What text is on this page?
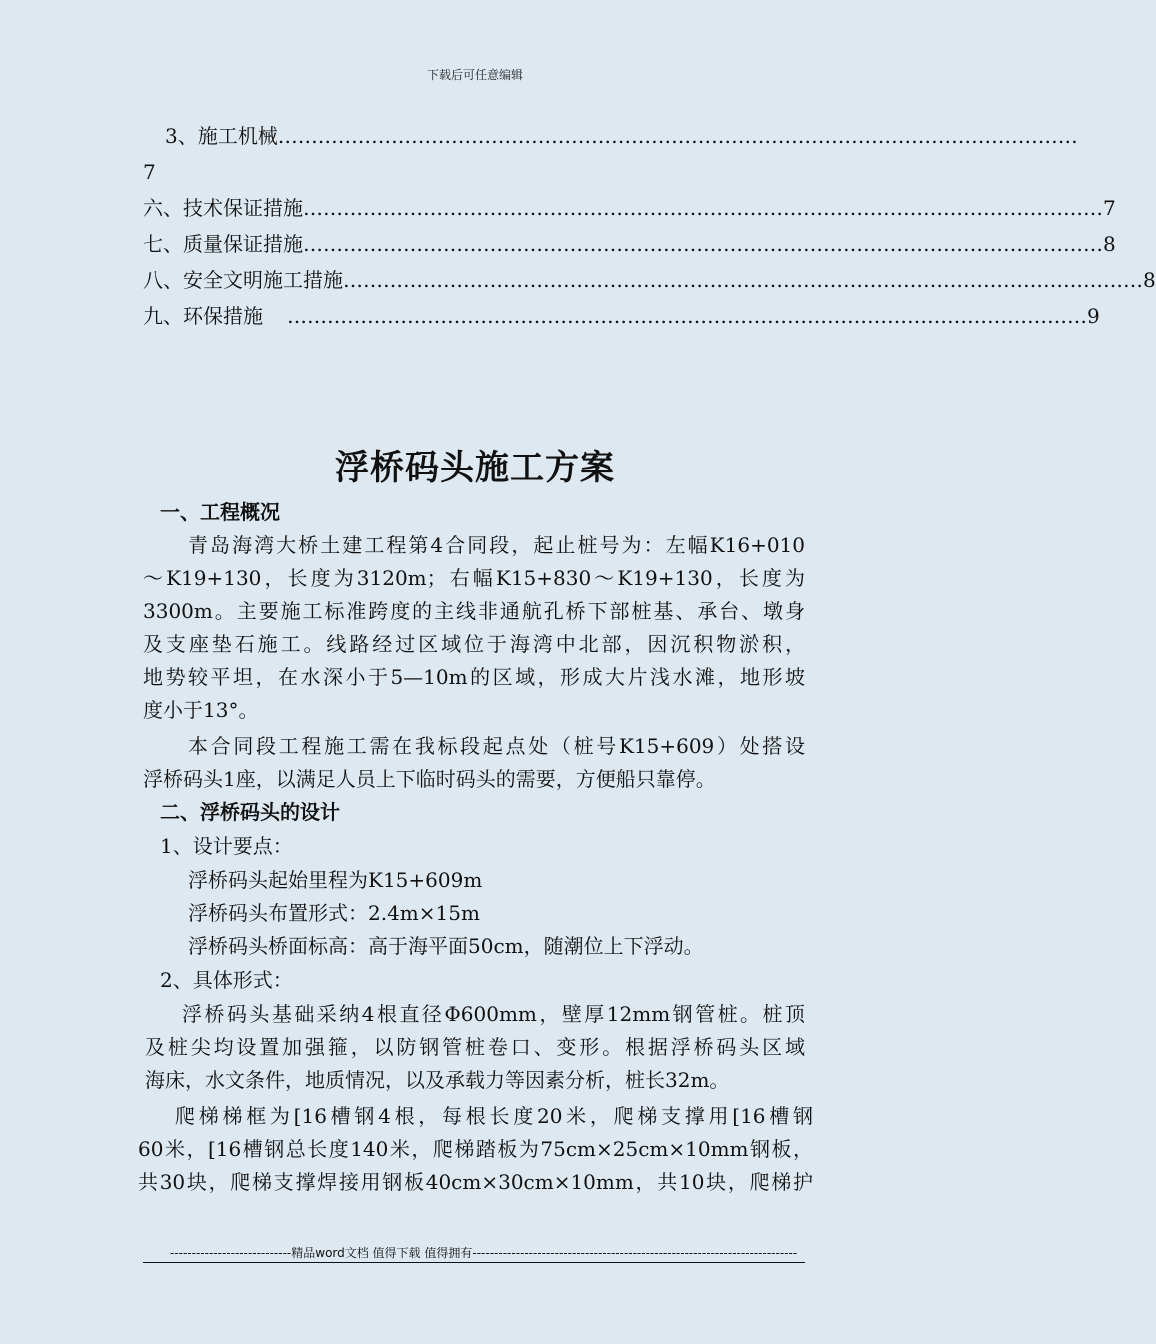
下载后可任意编辑
3、施工机械 …………………………………………………………………………………………………………
7
六、技术保证措施 ………………………………………………………………………………………………………… 7
七、质量保证措施 ………………………………………………………………………………………………………… 8
八、安全文明施工措施 ………………………………………………………………………………………………………… 8
九、环保措施	………………………………………………………………………………………………………… 9
浮桥码头施工方案
一、工程概况
青岛海湾大桥土建工程第4合同段，起止桩号为：左幅K16+010
～K19+130，长度为3120m；右幅K15+830～K19+130，长度为
3300m。主要施工标准跨度的主线非通航孔桥下部桩基、承台、墩身
及支座垫石施工。线路经过区域位于海湾中北部，因沉积物淤积，
地势较平坦，在水深小于5—10m的区域，形成大片浅水滩，地形坡
度小于13°。
本合同段工程施工需在我标段起点处（桩号K15+609）处搭设
浮桥码头1座，以满足人员上下临时码头的需要，方便船只靠停。
二、浮桥码头的设计
1、设计要点：
浮桥码头起始里程为K15+609m
浮桥码头布置形式：2.4m×15m
浮桥码头桥面标高：高于海平面50cm，随潮位上下浮动。
2、具体形式：
浮桥码头基础采纳4根直径Φ600mm，壁厚12mm钢管桩。桩顶
及桩尖均设置加强箍，以防钢管桩卷口、变形。根据浮桥码头区域
海床，水文条件，地质情况，以及承载力等因素分析，桩长32m。
爬梯梯框为[16槽钢4根，每根长度20米，爬梯支撑用[16槽钢
60米，[16槽钢总长度140米，爬梯踏板为75cm×25cm×10mm钢板，
共30块，爬梯支撑焊接用钢板40cm×30cm×10mm，共10块，爬梯护
----------------------------精品word文档 值得下载 值得拥有---------------------------------------------------------------------------
